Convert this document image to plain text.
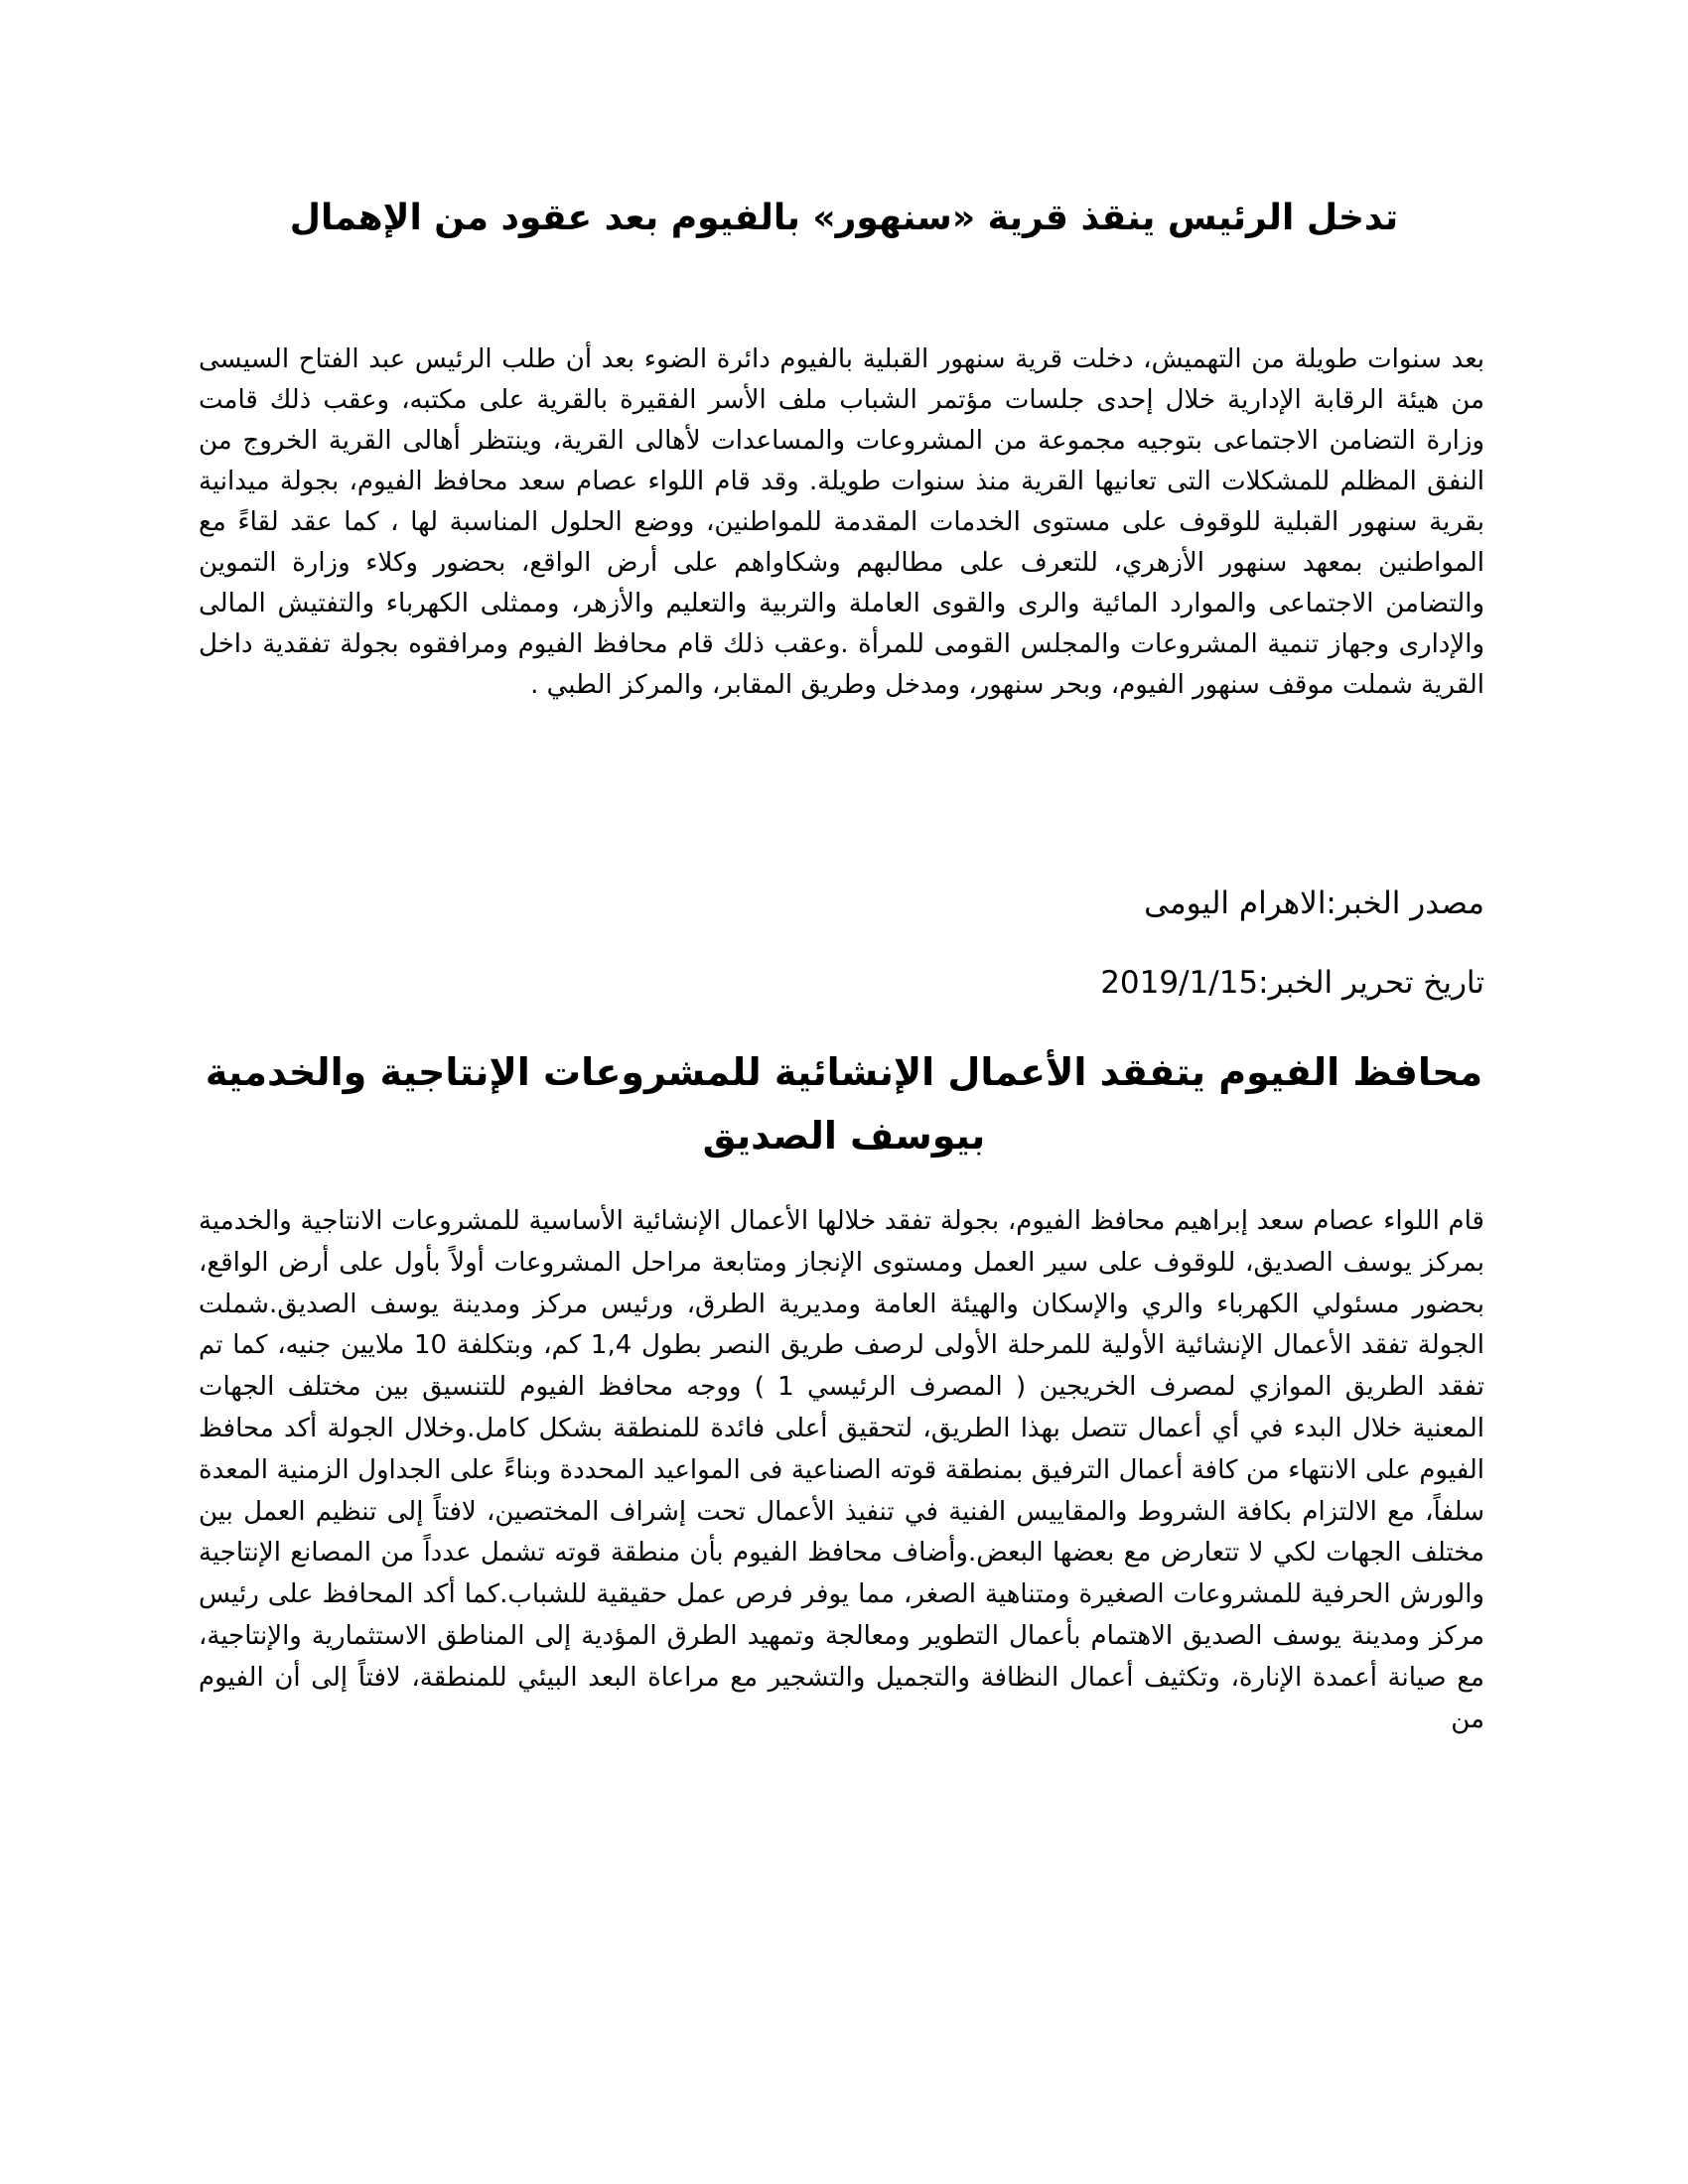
تدخل الرئيس ينقذ قرية «سنهور» بالفيوم بعد عقود من الإهمال

بعد سنوات طويلة من التهميش، دخلت قرية سنهور القبلية بالفيوم دائرة الضوء بعد أن طلب الرئيس عبد الفتاح السيسى من هيئة الرقابة الإدارية خلال إحدى جلسات مؤتمر الشباب ملف الأسر الفقيرة بالقرية على مكتبه، وعقب ذلك قامت وزارة التضامن الاجتماعى بتوجيه مجموعة من المشروعات والمساعدات لأهالى القرية، وينتظر أهالى القرية الخروج من النفق المظلم للمشكلات التى تعانيها القرية منذ سنوات طويلة. وقد قام اللواء عصام سعد محافظ الفيوم، بجولة ميدانية بقرية سنهور القبلية للوقوف على مستوى الخدمات المقدمة للمواطنين، ووضع الحلول المناسبة لها ، كما عقد لقاءً مع المواطنين بمعهد سنهور الأزهري، للتعرف على مطالبهم وشكاواهم على أرض الواقع، بحضور وكلاء وزارة التموين والتضامن الاجتماعى والموارد المائية والرى والقوى العاملة والتربية والتعليم والأزهر، وممثلى الكهرباء والتفتيش المالى والإدارى وجهاز تنمية المشروعات والمجلس القومى للمرأة .وعقب ذلك قام محافظ الفيوم ومرافقوه بجولة تفقدية داخل القرية شملت موقف سنهور الفيوم، وبحر سنهور، ومدخل وطريق المقابر، والمركز الطبي .

مصدر الخبر:الاهرام اليومى
تاريخ تحرير الخبر:2019/1/15
محافظ الفيوم يتفقد الأعمال الإنشائية للمشروعات الإنتاجية والخدمية بيوسف الصديق

قام اللواء عصام سعد إبراهيم محافظ الفيوم، بجولة تفقد خلالها الأعمال الإنشائية الأساسية للمشروعات الانتاجية والخدمية بمركز يوسف الصديق، للوقوف على سير العمل ومستوى الإنجاز ومتابعة مراحل المشروعات أولاً بأول على أرض الواقع، بحضور مسئولي الكهرباء والري والإسكان والهيئة العامة ومديرية الطرق، ورئيس مركز ومدينة يوسف الصديق.شملت الجولة تفقد الأعمال الإنشائية الأولية للمرحلة الأولى لرصف طريق النصر بطول 1,4 كم، وبتكلفة 10 ملايين جنيه، كما تم تفقد الطريق الموازي لمصرف الخريجين ( المصرف الرئيسي 1 ) ووجه محافظ الفيوم للتنسيق بين مختلف الجهات المعنية خلال البدء في أي أعمال تتصل بهذا الطريق، لتحقيق أعلى فائدة للمنطقة بشكل كامل.وخلال الجولة أكد محافظ الفيوم على الانتهاء من كافة أعمال الترفيق بمنطقة قوته الصناعية فى المواعيد المحددة وبناءً على الجداول الزمنية المعدة سلفاً، مع الالتزام بكافة الشروط والمقاييس الفنية في تنفيذ الأعمال تحت إشراف المختصين، لافتاً إلى تنظيم العمل بين مختلف الجهات لكي لا تتعارض مع بعضها البعض.وأضاف محافظ الفيوم بأن منطقة قوته تشمل عدداً من المصانع الإنتاجية والورش الحرفية للمشروعات الصغيرة ومتناهية الصغر، مما يوفر فرص عمل حقيقية للشباب.كما أكد المحافظ على رئيس مركز ومدينة يوسف الصديق الاهتمام بأعمال التطوير ومعالجة وتمهيد الطرق المؤدية إلى المناطق الاستثمارية والإنتاجية، مع صيانة أعمدة الإنارة، وتكثيف أعمال النظافة والتجميل والتشجير مع مراعاة البعد البيئي للمنطقة، لافتاً إلى أن الفيوم من
